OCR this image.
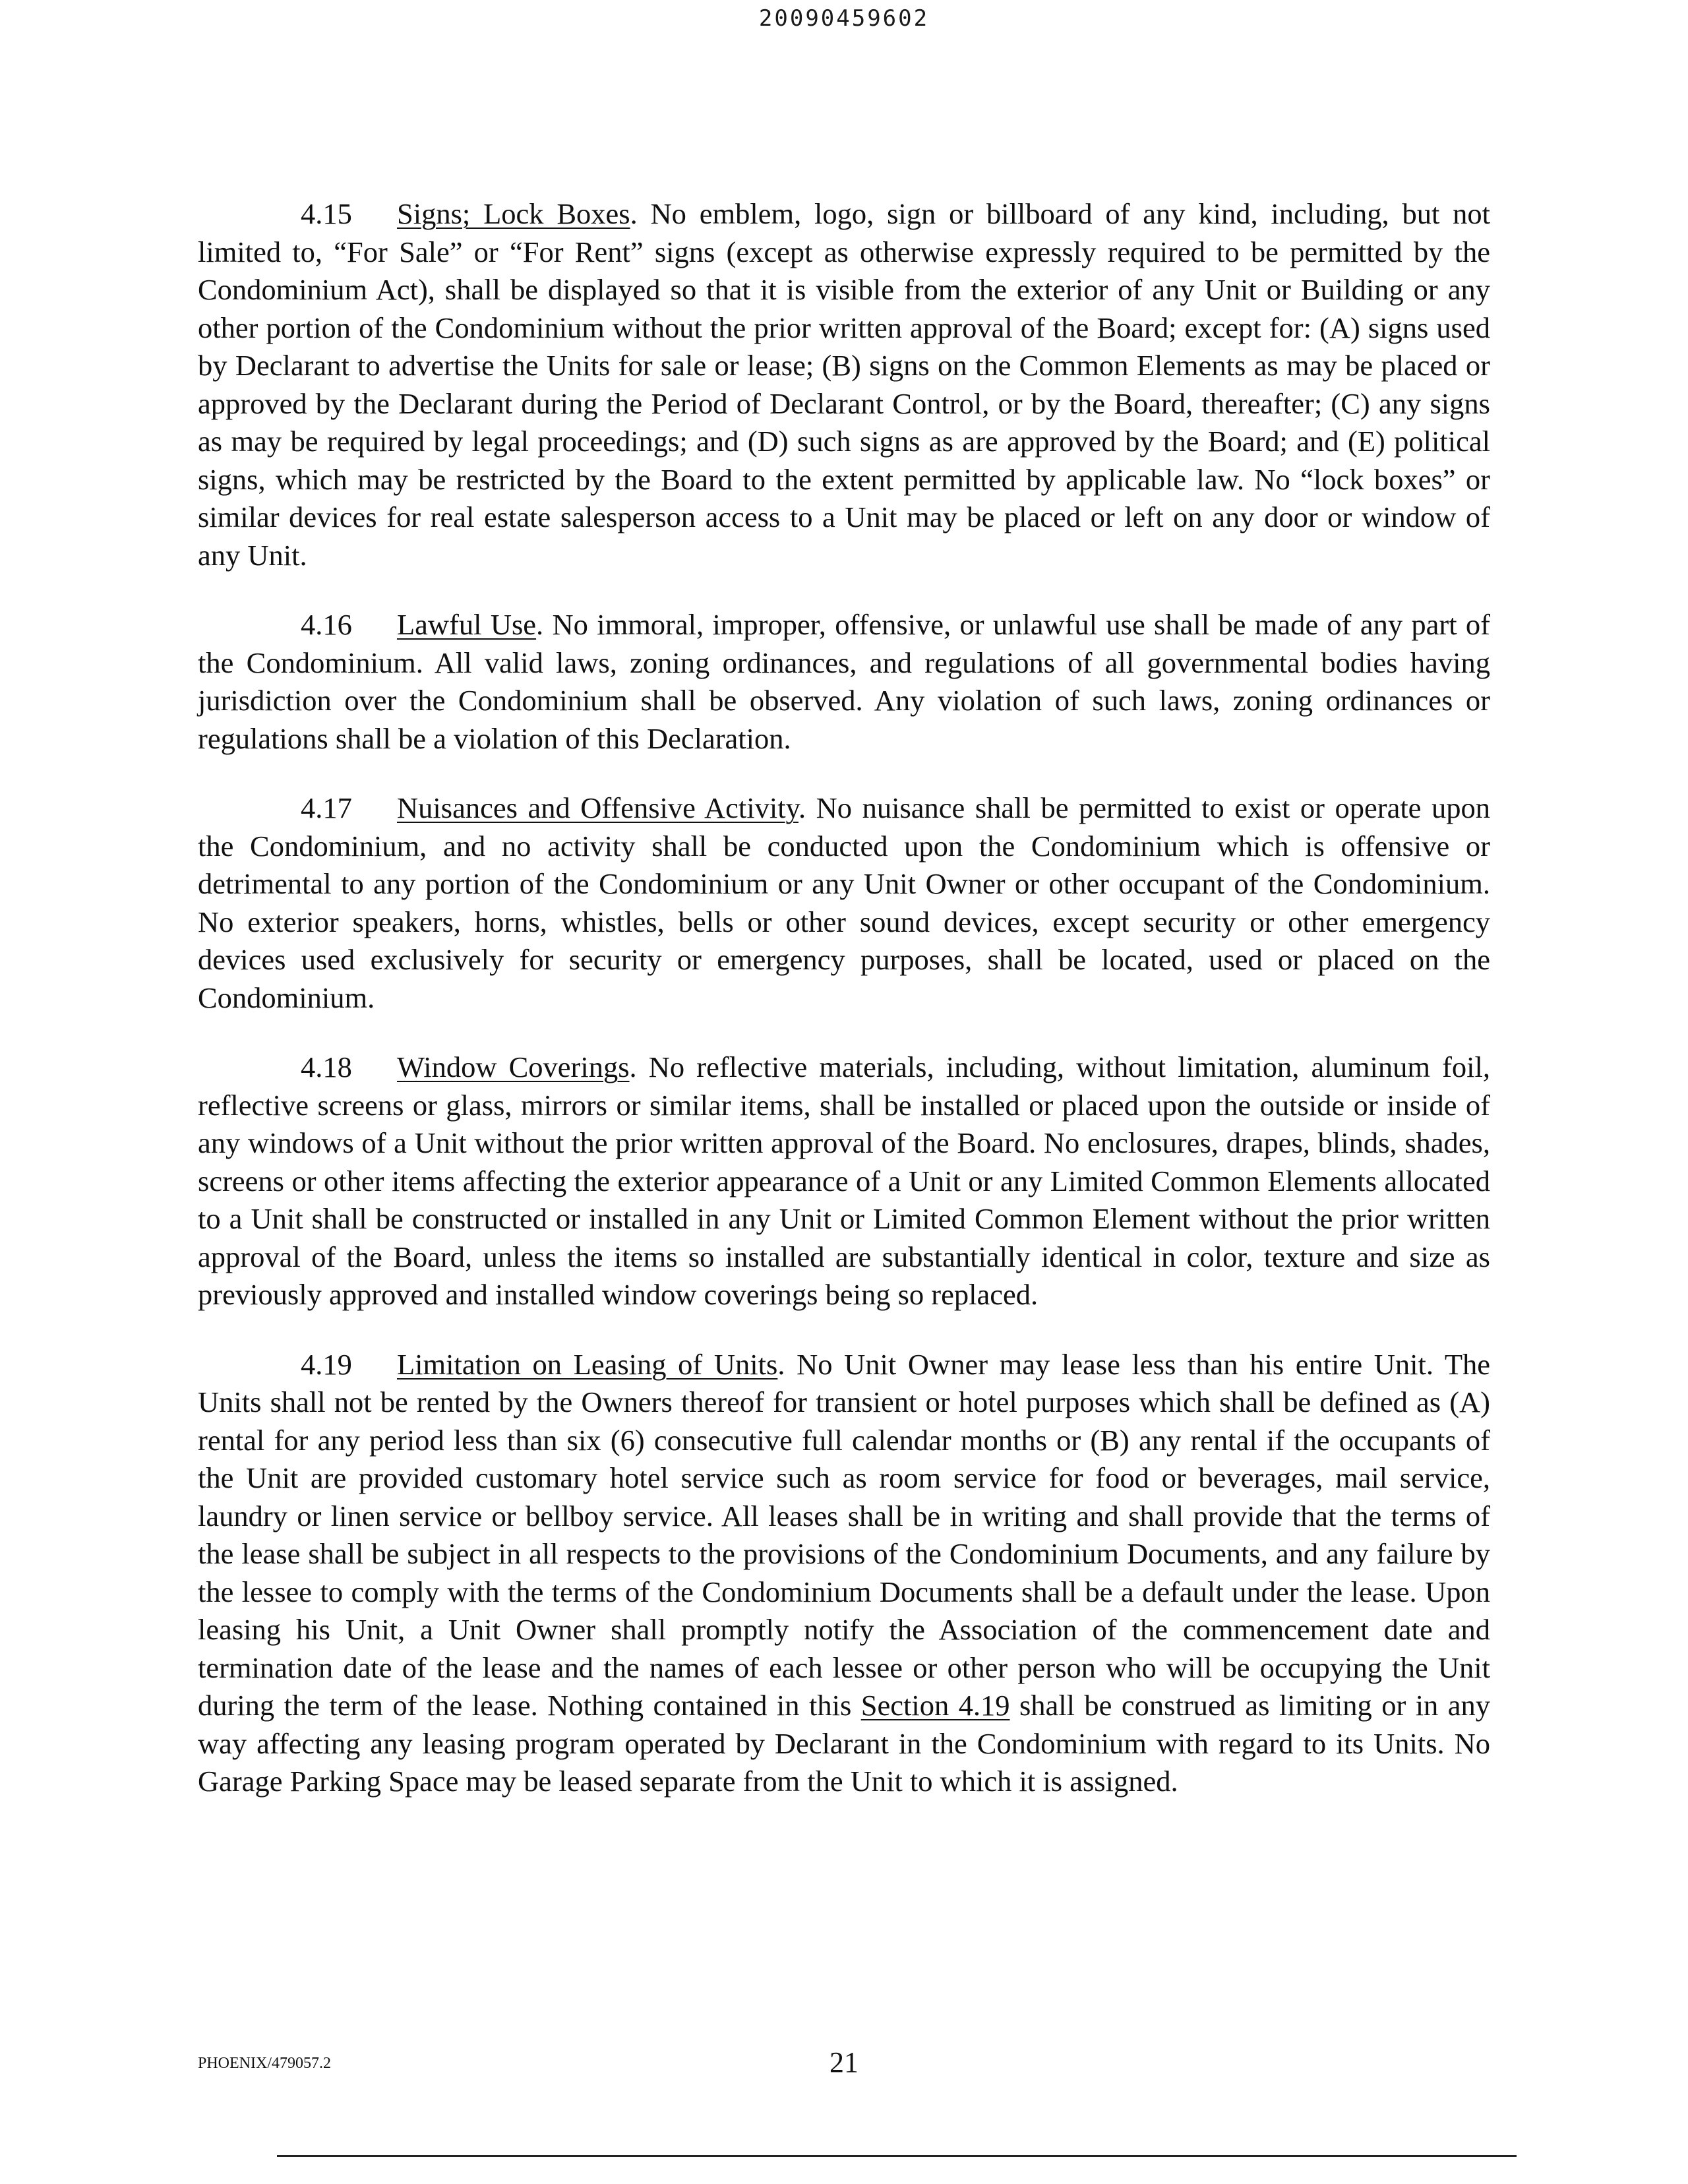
20090459602

4.15 Signs; Lock Boxes. No emblem, logo, sign or billboard of any kind, including, but not limited to, “For Sale” or “For Rent” signs (except as otherwise expressly required to be permitted by the Condominium Act), shall be displayed so that it is visible from the exterior of any Unit or Building or any other portion of the Condominium without the prior written approval of the Board; except for: (A) signs used by Declarant to advertise the Units for sale or lease; (B) signs on the Common Elements as may be placed or approved by the Declarant during the Period of Declarant Control, or by the Board, thereafter; (C) any signs as may be required by legal proceedings; and (D) such signs as are approved by the Board; and (E) political signs, which may be restricted by the Board to the extent permitted by applicable law. No “lock boxes” or similar devices for real estate salesperson access to a Unit may be placed or left on any door or window of any Unit.

4.16 Lawful Use. No immoral, improper, offensive, or unlawful use shall be made of any part of the Condominium. All valid laws, zoning ordinances, and regulations of all governmental bodies having jurisdiction over the Condominium shall be observed. Any violation of such laws, zoning ordinances or regulations shall be a violation of this Declaration.

4.17 Nuisances and Offensive Activity. No nuisance shall be permitted to exist or operate upon the Condominium, and no activity shall be conducted upon the Condominium which is offensive or detrimental to any portion of the Condominium or any Unit Owner or other occupant of the Condominium. No exterior speakers, horns, whistles, bells or other sound devices, except security or other emergency devices used exclusively for security or emergency purposes, shall be located, used or placed on the Condominium.

4.18 Window Coverings. No reflective materials, including, without limitation, aluminum foil, reflective screens or glass, mirrors or similar items, shall be installed or placed upon the outside or inside of any windows of a Unit without the prior written approval of the Board. No enclosures, drapes, blinds, shades, screens or other items affecting the exterior appearance of a Unit or any Limited Common Elements allocated to a Unit shall be constructed or installed in any Unit or Limited Common Element without the prior written approval of the Board, unless the items so installed are substantially identical in color, texture and size as previously approved and installed window coverings being so replaced.

4.19 Limitation on Leasing of Units. No Unit Owner may lease less than his entire Unit. The Units shall not be rented by the Owners thereof for transient or hotel purposes which shall be defined as (A) rental for any period less than six (6) consecutive full calendar months or (B) any rental if the occupants of the Unit are provided customary hotel service such as room service for food or beverages, mail service, laundry or linen service or bellboy service. All leases shall be in writing and shall provide that the terms of the lease shall be subject in all respects to the provisions of the Condominium Documents, and any failure by the lessee to comply with the terms of the Condominium Documents shall be a default under the lease. Upon leasing his Unit, a Unit Owner shall promptly notify the Association of the commencement date and termination date of the lease and the names of each lessee or other person who will be occupying the Unit during the term of the lease. Nothing contained in this Section 4.19 shall be construed as limiting or in any way affecting any leasing program operated by Declarant in the Condominium with regard to its Units. No Garage Parking Space may be leased separate from the Unit to which it is assigned.

PHOENIX/479057.2	21
